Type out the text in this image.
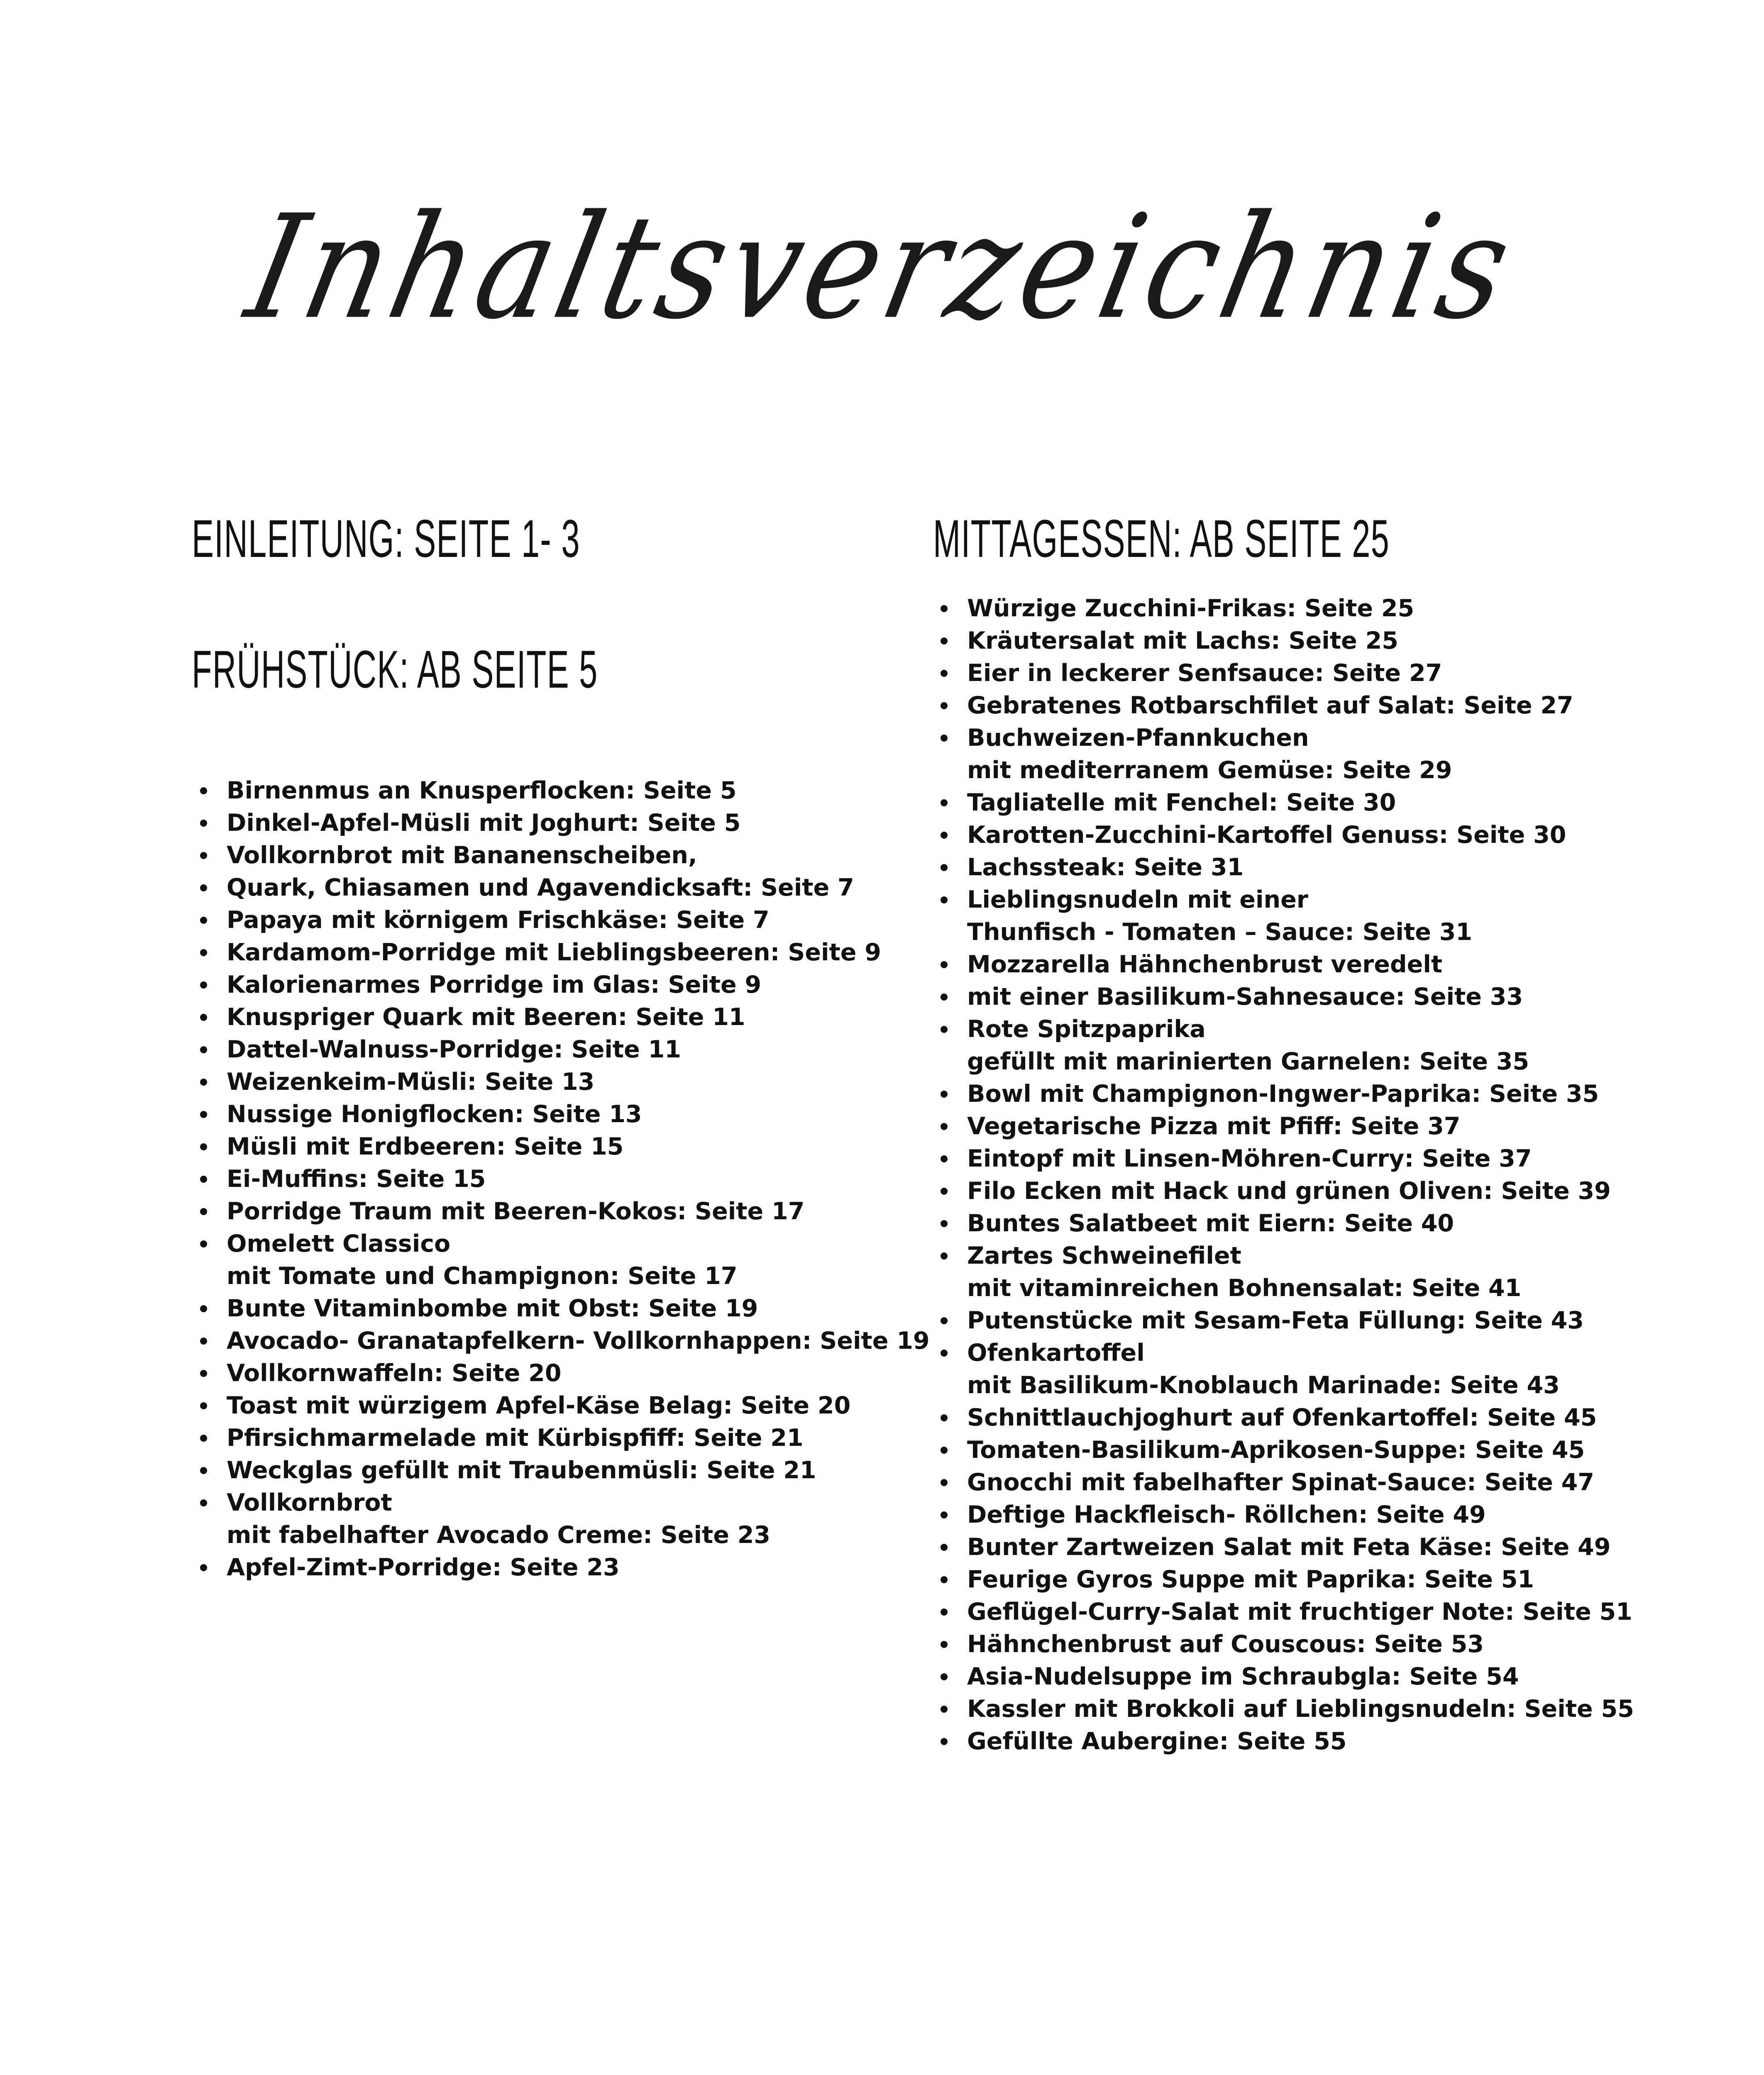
Inhaltsverzeichnis
EINLEITUNG: SEITE 1- 3
FRÜHSTÜCK: AB SEITE 5
MITTAGESSEN: AB SEITE 25
Birnenmus an Knusperflocken: Seite 5
Dinkel-Apfel-Müsli mit Joghurt: Seite 5
Vollkornbrot mit Bananenscheiben,
Quark, Chiasamen und Agavendicksaft: Seite 7
Papaya mit körnigem Frischkäse: Seite 7
Kardamom-Porridge mit Lieblingsbeeren: Seite 9
Kalorienarmes Porridge im Glas: Seite 9
Knuspriger Quark mit Beeren: Seite 11
Dattel-Walnuss-Porridge: Seite 11
Weizenkeim-Müsli: Seite 13
Nussige Honigflocken: Seite 13
Müsli mit Erdbeeren: Seite 15
Ei-Muffins: Seite 15
Porridge Traum mit Beeren-Kokos: Seite 17
Omelett Classico
mit Tomate und Champignon: Seite 17
Bunte Vitaminbombe mit Obst: Seite 19
Avocado- Granatapfelkern- Vollkornhappen: Seite 19
Vollkornwaffeln: Seite 20
Toast mit würzigem Apfel-Käse Belag: Seite 20
Pfirsichmarmelade mit Kürbispfiff: Seite 21
Weckglas gefüllt mit Traubenmüsli: Seite 21
Vollkornbrot
mit fabelhafter Avocado Creme: Seite 23
Apfel-Zimt-Porridge: Seite 23
Würzige Zucchini-Frikas: Seite 25
Kräutersalat mit Lachs: Seite 25
Eier in leckerer Senfsauce: Seite 27
Gebratenes Rotbarschfilet auf Salat: Seite 27
Buchweizen-Pfannkuchen
mit mediterranem Gemüse: Seite 29
Tagliatelle mit Fenchel: Seite 30
Karotten-Zucchini-Kartoffel Genuss: Seite 30
Lachssteak: Seite 31
Lieblingsnudeln mit einer
Thunfisch - Tomaten – Sauce: Seite 31
Mozzarella Hähnchenbrust veredelt
mit einer Basilikum-Sahnesauce: Seite 33
Rote Spitzpaprika
gefüllt mit marinierten Garnelen: Seite 35
Bowl mit Champignon-Ingwer-Paprika: Seite 35
Vegetarische Pizza mit Pfiff: Seite 37
Eintopf mit Linsen-Möhren-Curry: Seite 37
Filo Ecken mit Hack und grünen Oliven: Seite 39
Buntes Salatbeet mit Eiern: Seite 40
Zartes Schweinefilet
mit vitaminreichen Bohnensalat: Seite 41
Putenstücke mit Sesam-Feta Füllung: Seite 43
Ofenkartoffel
mit Basilikum-Knoblauch Marinade: Seite 43
Schnittlauchjoghurt auf Ofenkartoffel: Seite 45
Tomaten-Basilikum-Aprikosen-Suppe: Seite 45
Gnocchi mit fabelhafter Spinat-Sauce: Seite 47
Deftige Hackfleisch- Röllchen: Seite 49
Bunter Zartweizen Salat mit Feta Käse: Seite 49
Feurige Gyros Suppe mit Paprika: Seite 51
Geflügel-Curry-Salat mit fruchtiger Note: Seite 51
Hähnchenbrust auf Couscous: Seite 53
Asia-Nudelsuppe im Schraubgla: Seite 54
Kassler mit Brokkoli auf Lieblingsnudeln: Seite 55
Gefüllte Aubergine: Seite 55
